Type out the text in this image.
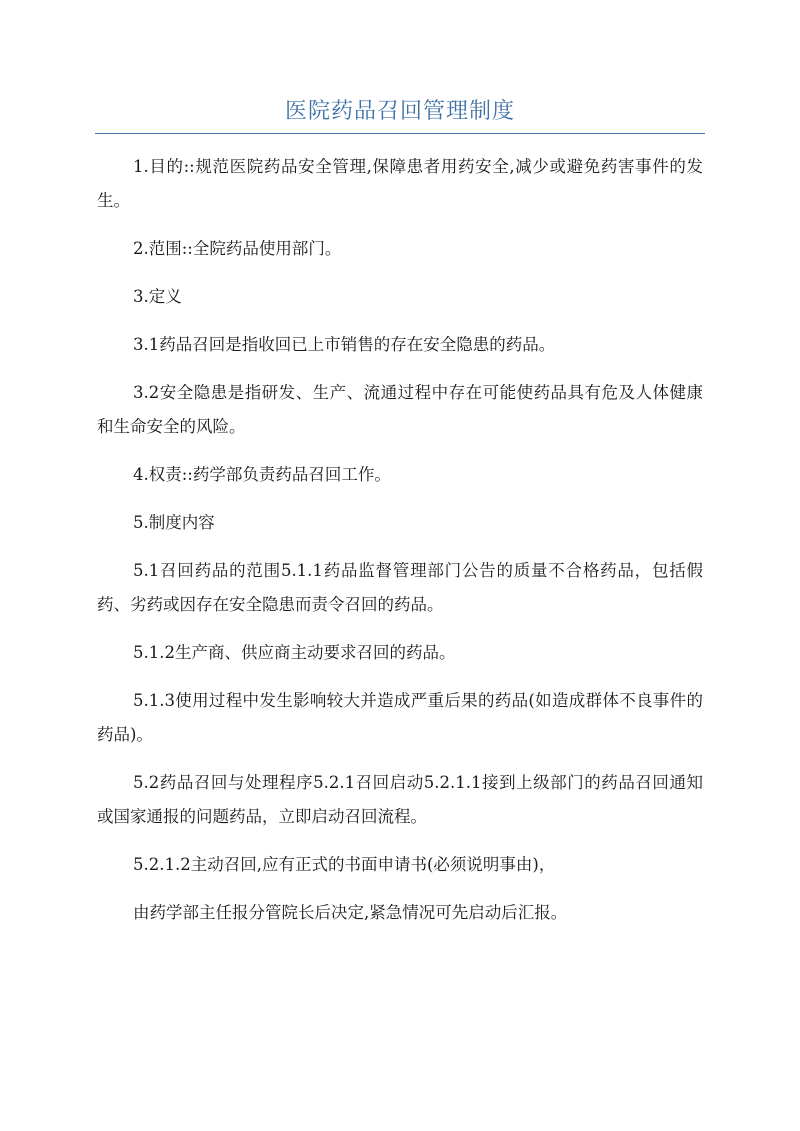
医院药品召回管理制度

1.目的::规范医院药品安全管理,保障患者用药安全,减少或避免药害事件的发生。

2.范围::全院药品使用部门。

3.定义

3.1药品召回是指收回已上市销售的存在安全隐患的药品。

3.2安全隐患是指研发、生产、流通过程中存在可能使药品具有危及人体健康和生命安全的风险。

4.权责::药学部负责药品召回工作。

5.制度内容

5.1召回药品的范围5.1.1药品监督管理部门公告的质量不合格药品，包括假药、劣药或因存在安全隐患而责令召回的药品。

5.1.2生产商、供应商主动要求召回的药品。

5.1.3使用过程中发生影响较大并造成严重后果的药品(如造成群体不良事件的药品)。

5.2药品召回与处理程序5.2.1召回启动5.2.1.1接到上级部门的药品召回通知或国家通报的问题药品，立即启动召回流程。

5.2.1.2主动召回,应有正式的书面申请书(必须说明事由)，

由药学部主任报分管院长后决定,紧急情况可先启动后汇报。
